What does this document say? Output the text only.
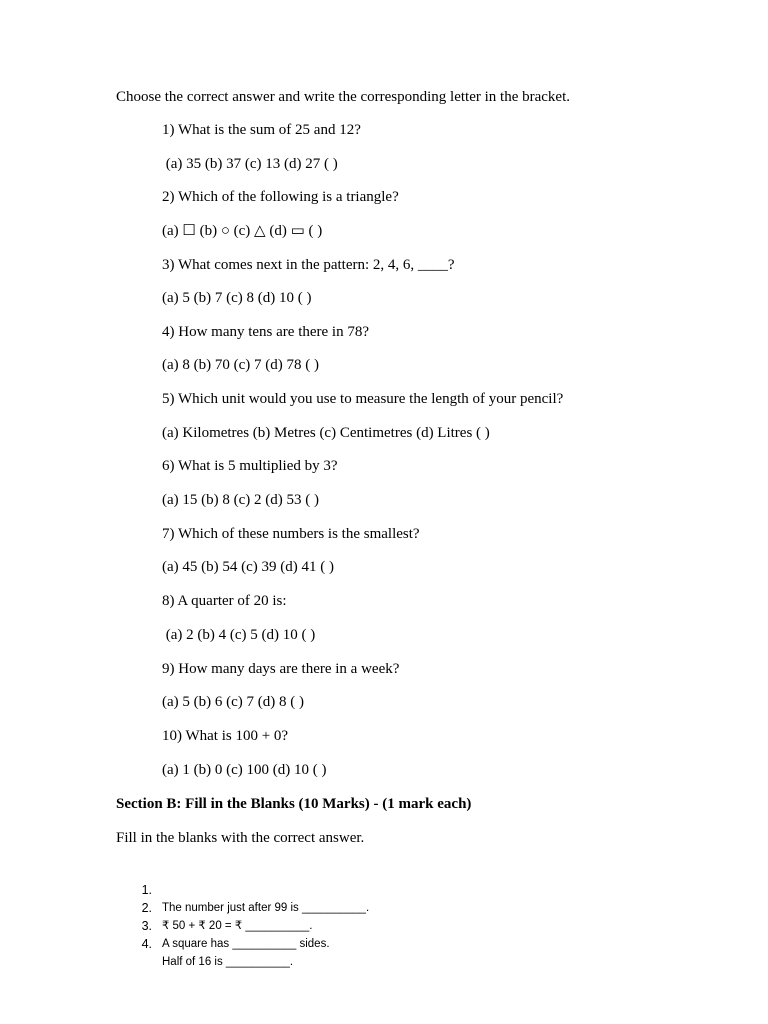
Choose the correct answer and write the corresponding letter in the bracket.
1) What is the sum of 25 and 12?
(a) 35 (b) 37 (c) 13 (d) 27 ( )
2) Which of the following is a triangle?
(a) ☐ (b) ○ (c) △ (d) ▭ ( )
3) What comes next in the pattern: 2, 4, 6, ____?
(a) 5 (b) 7 (c) 8 (d) 10 ( )
4) How many tens are there in 78?
(a) 8 (b) 70 (c) 7 (d) 78 ( )
5) Which unit would you use to measure the length of your pencil?
(a) Kilometres (b) Metres (c) Centimetres (d) Litres ( )
6) What is 5 multiplied by 3?
(a) 15 (b) 8 (c) 2 (d) 53 ( )
7) Which of these numbers is the smallest?
(a) 45 (b) 54 (c) 39 (d) 41 ( )
8) A quarter of 20 is:
(a) 2 (b) 4 (c) 5 (d) 10 ( )
9) How many days are there in a week?
(a) 5 (b) 6 (c) 7 (d) 8 ( )
10) What is 100 + 0?
(a) 1 (b) 0 (c) 100 (d) 10 ( )
Section B: Fill in the Blanks (10 Marks) - (1 mark each)
Fill in the blanks with the correct answer.

1.

The number just after 99 is __________.

2.

₹ 50 + ₹ 20 = ₹ __________.

3.

A square has __________ sides.

4.

Half of 16 is __________.
